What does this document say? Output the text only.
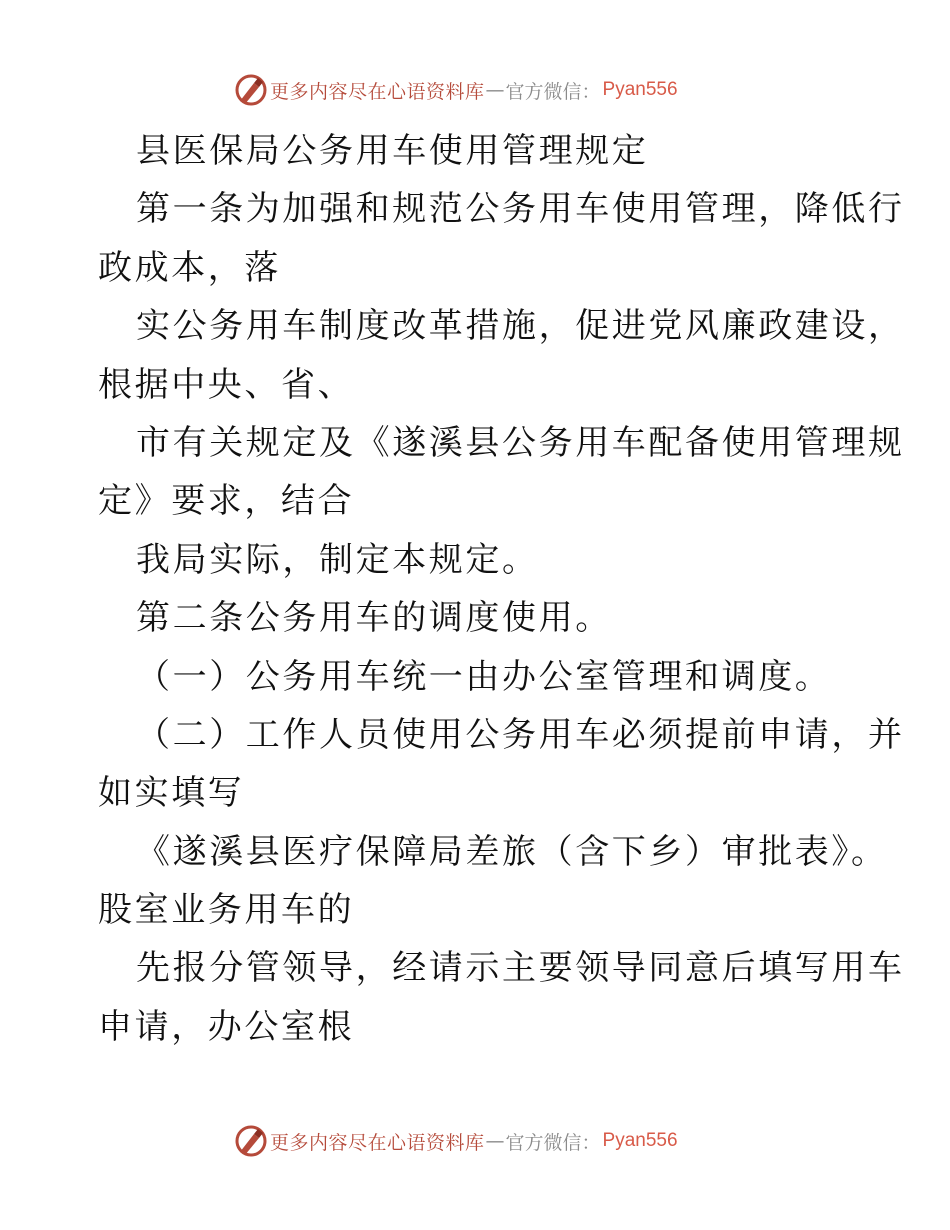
更多内容尽在心语资料库 — 官方微信： Pyan556
县医保局公务用车使用管理规定
第一条为加强和规范公务用车使用管理，降低行
政成本，落
实公务用车制度改革措施，促进党风廉政建设，
根据中央、省、
市有关规定及《遂溪县公务用车配备使用管理规
定》要求，结合
我局实际，制定本规定。
第二条公务用车的调度使用。
（一）公务用车统一由办公室管理和调度。
（二）工作人员使用公务用车必须提前申请，并
如实填写
《遂溪县医疗保障局差旅（含下乡）审批表》。
股室业务用车的
先报分管领导，经请示主要领导同意后填写用车
申请，办公室根
更多内容尽在心语资料库 — 官方微信： Pyan556
